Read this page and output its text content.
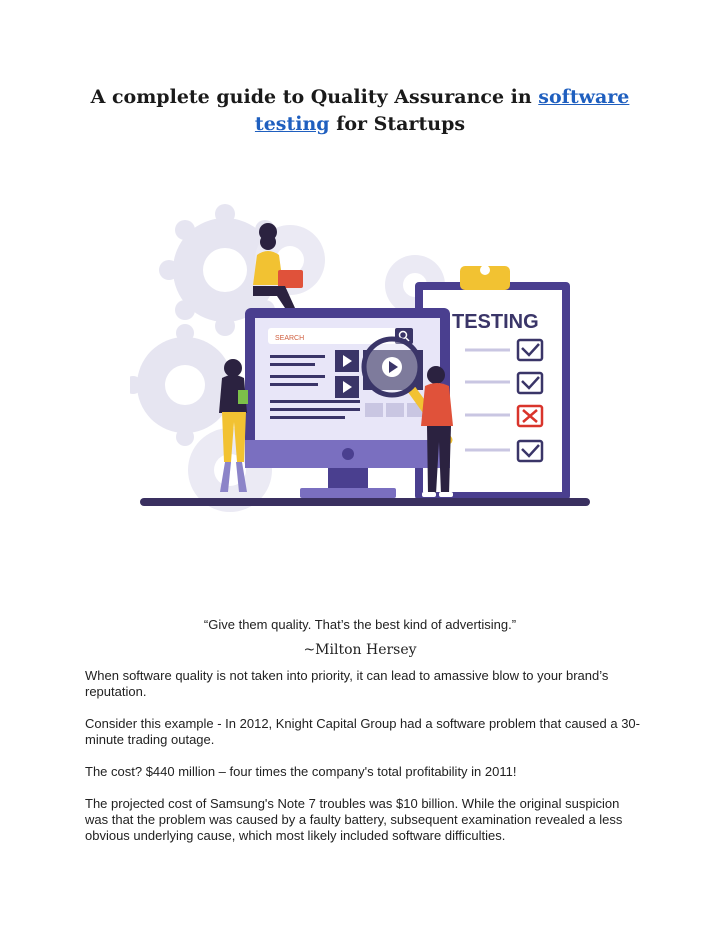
A complete guide to Quality Assurance in software
testing for Startups
TESTING
SEARCH
“Give them quality. That’s the best kind of advertising.”
~Milton Hersey

When software quality is not taken into priority, it can lead to amassive blow to your brand’s reputation.

Consider this example - In 2012, Knight Capital Group had a software problem that caused a 30-minute trading outage.

The cost? $440 million – four times the company's total profitability in 2011!

The projected cost of Samsung's Note 7 troubles was $10 billion. While the original suspicion was that the problem was caused by a faulty battery, subsequent examination revealed a less obvious underlying cause, which most likely included software difficulties.
